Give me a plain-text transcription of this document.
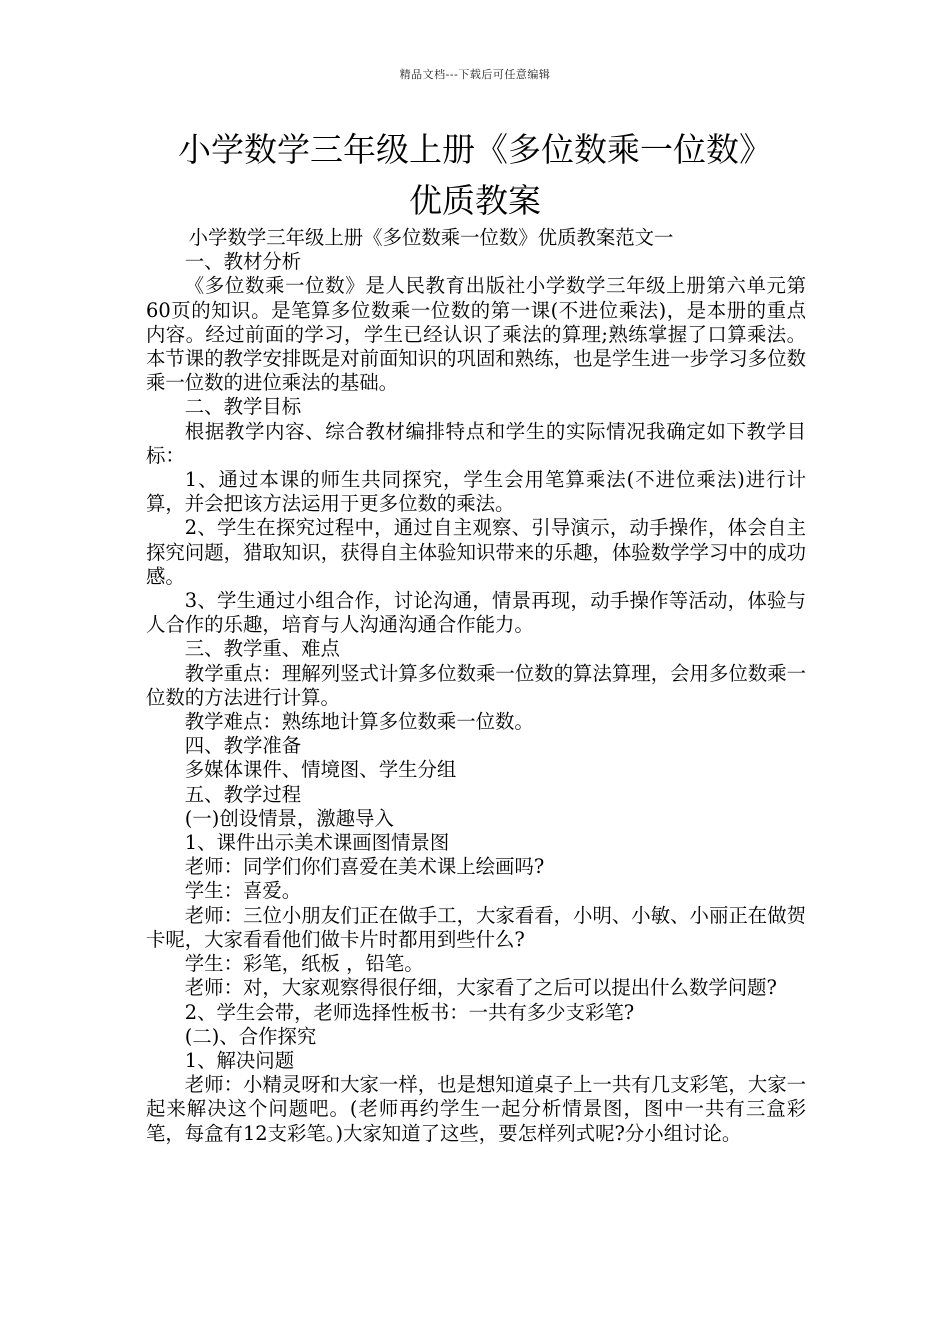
精品文档---下载后可任意编辑
小学数学三年级上册《多位数乘一位数》
优质教案

小学数学三年级上册《多位数乘一位数》优质教案范文一

一、教材分析

《多位数乘一位数》是人民教育出版社小学数学三年级上册第六单元第60页的知识。是笔算多位数乘一位数的第一课(不进位乘法)，是本册的重点内容。经过前面的学习，学生已经认识了乘法的算理;熟练掌握了口算乘法。本节课的教学安排既是对前面知识的巩固和熟练，也是学生进一步学习多位数乘一位数的进位乘法的基础。

二、教学目标

根据教学内容、综合教材编排特点和学生的实际情况我确定如下教学目标：

1、通过本课的师生共同探究，学生会用笔算乘法(不进位乘法)进行计算，并会把该方法运用于更多位数的乘法。

2、学生在探究过程中，通过自主观察、引导演示，动手操作，体会自主探究问题，猎取知识，获得自主体验知识带来的乐趣，体验数学学习中的成功感。

3、学生通过小组合作，讨论沟通，情景再现，动手操作等活动，体验与人合作的乐趣，培育与人沟通沟通合作能力。

三、教学重、难点

教学重点：理解列竖式计算多位数乘一位数的算法算理，会用多位数乘一位数的方法进行计算。

教学难点：熟练地计算多位数乘一位数。

四、教学准备

多媒体课件、情境图、学生分组

五、教学过程

(一)创设情景，激趣导入

1、课件出示美术课画图情景图

老师：同学们你们喜爱在美术课上绘画吗?

学生：喜爱。

老师：三位小朋友们正在做手工，大家看看，小明、小敏、小丽正在做贺卡呢，大家看看他们做卡片时都用到些什么?

学生：彩笔，纸板 ，铅笔。

老师：对，大家观察得很仔细，大家看了之后可以提出什么数学问题?

2、学生会带，老师选择性板书：一共有多少支彩笔?

(二)、合作探究

1、解决问题

老师：小精灵呀和大家一样，也是想知道桌子上一共有几支彩笔，大家一起来解决这个问题吧。(老师再约学生一起分析情景图，图中一共有三盒彩笔，每盒有12支彩笔。)大家知道了这些，要怎样列式呢?分小组讨论。
